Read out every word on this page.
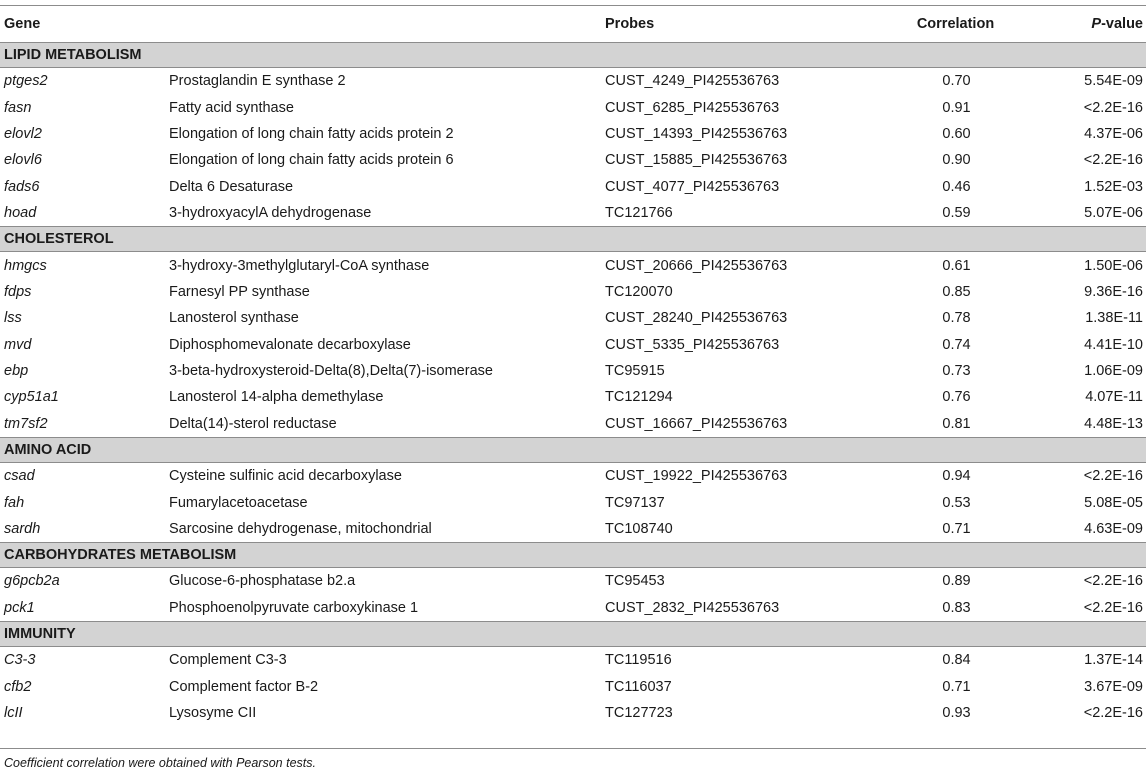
Gene		Probes	Correlation	P-value
LIPID METABOLISM				
ptges2	Prostaglandin E synthase 2	CUST_4249_PI425536763	0.70	5.54E-09
fasn	Fatty acid synthase	CUST_6285_PI425536763	0.91	<2.2E-16
elovl2	Elongation of long chain fatty acids protein 2	CUST_14393_PI425536763	0.60	4.37E-06
elovl6	Elongation of long chain fatty acids protein 6	CUST_15885_PI425536763	0.90	<2.2E-16
fads6	Delta 6 Desaturase	CUST_4077_PI425536763	0.46	1.52E-03
hoad	3-hydroxyacylA dehydrogenase	TC121766	0.59	5.07E-06
CHOLESTEROL				
hmgcs	3-hydroxy-3methylglutaryl-CoA synthase	CUST_20666_PI425536763	0.61	1.50E-06
fdps	Farnesyl PP synthase	TC120070	0.85	9.36E-16
lss	Lanosterol synthase	CUST_28240_PI425536763	0.78	1.38E-11
mvd	Diphosphomevalonate decarboxylase	CUST_5335_PI425536763	0.74	4.41E-10
ebp	3-beta-hydroxysteroid-Delta(8),Delta(7)-isomerase	TC95915	0.73	1.06E-09
cyp51a1	Lanosterol 14-alpha demethylase	TC121294	0.76	4.07E-11
tm7sf2	Delta(14)-sterol reductase	CUST_16667_PI425536763	0.81	4.48E-13
AMINO ACID				
csad	Cysteine sulfinic acid decarboxylase	CUST_19922_PI425536763	0.94	<2.2E-16
fah	Fumarylacetoacetase	TC97137	0.53	5.08E-05
sardh	Sarcosine dehydrogenase, mitochondrial	TC108740	0.71	4.63E-09
CARBOHYDRATES METABOLISM				
g6pcb2a	Glucose-6-phosphatase b2.a	TC95453	0.89	<2.2E-16
pck1	Phosphoenolpyruvate carboxykinase 1	CUST_2832_PI425536763	0.83	<2.2E-16
IMMUNITY				
C3-3	Complement C3-3	TC119516	0.84	1.37E-14
cfb2	Complement factor B-2	TC116037	0.71	3.67E-09
lcII	Lysosyme CII	TC127723	0.93	<2.2E-16
Coefficient correlation were obtained with Pearson tests.
